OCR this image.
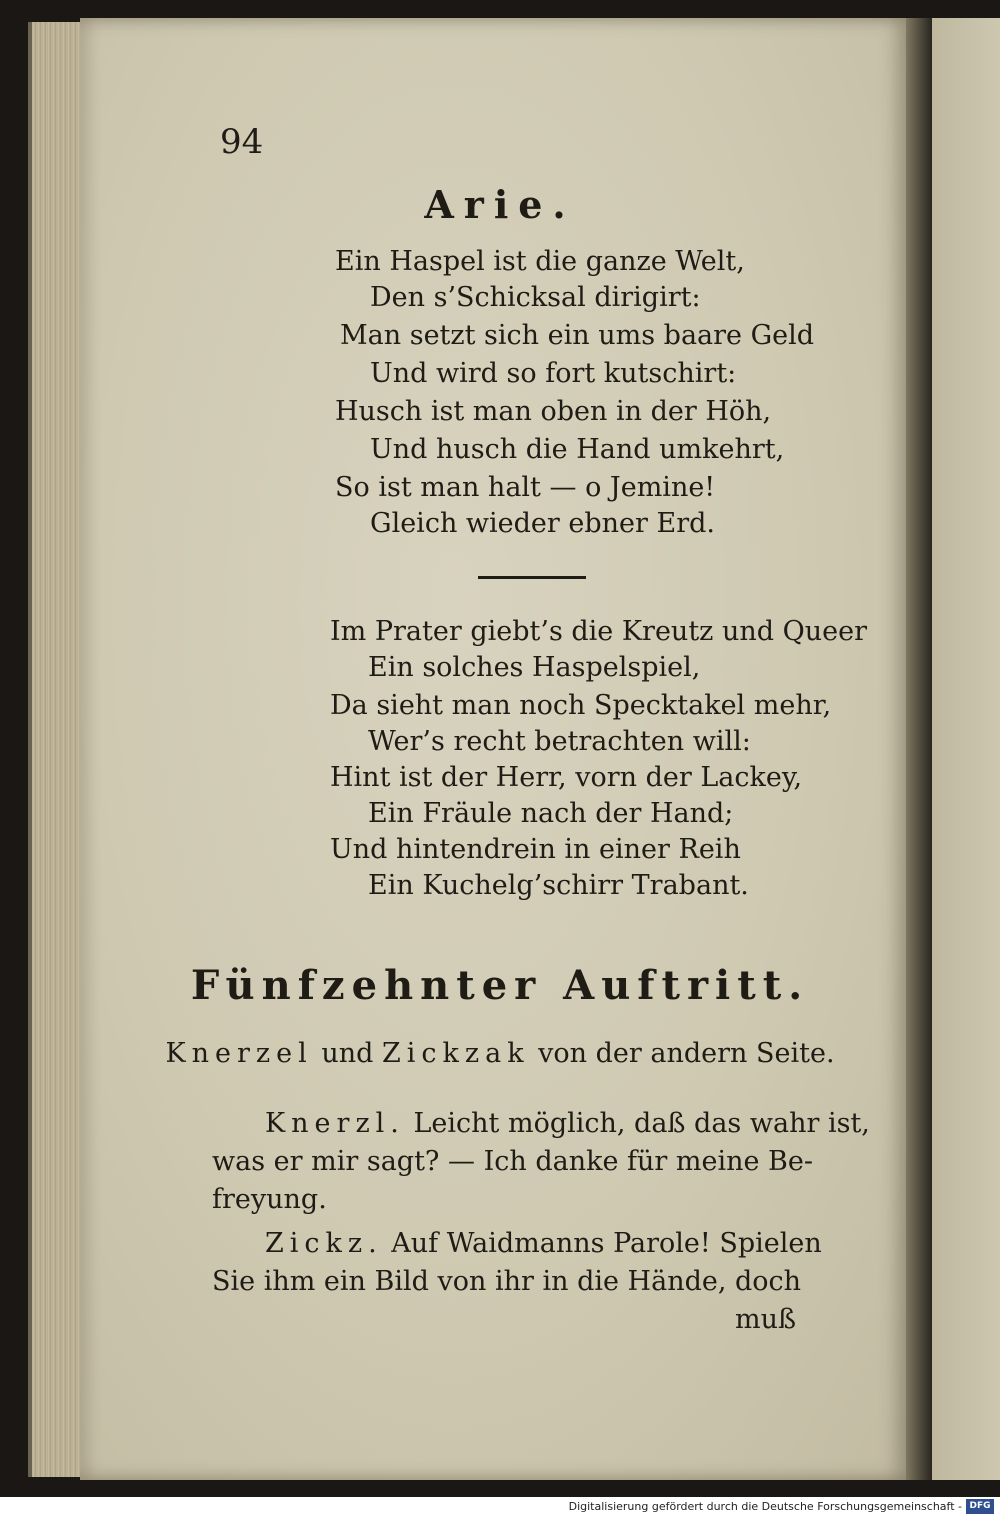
94
Arie.
Ein Haspel ist die ganze Welt,
Den s’Schicksal dirigirt:
Man setzt sich ein ums baare Geld
Und wird so fort kutschirt:
Husch ist man oben in der Höh,
Und husch die Hand umkehrt,
So ist man halt — o Jemine!
Gleich wieder ebner Erd.
Im Prater giebt’s die Kreutz und Queer
Ein solches Haspelspiel,
Da sieht man noch Specktakel mehr,
Wer’s recht betrachten will:
Hint ist der Herr, vorn der Lackey,
Ein Fräule nach der Hand;
Und hintendrein in einer Reih
Ein Kuchelg’schirr Trabant.
Fünfzehnter Auftritt.
Knerzel und Zickzak von der andern Seite.
Knerzl. Leicht möglich, daß das wahr ist,
was er mir sagt? — Ich danke für meine Be-
freyung.
Zickz. Auf Waidmanns Parole! Spielen
Sie ihm ein Bild von ihr in die Hände, doch
muß
Digitalisierung gefördert durch die Deutsche Forschungsgemeinschaft - DFG
